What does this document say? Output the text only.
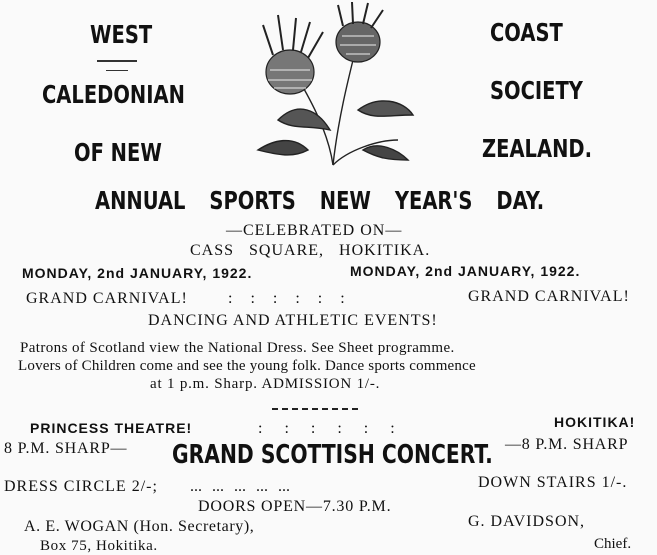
WEST
CALEDONIAN
OF NEW
COAST
SOCIETY
ZEALAND.
ANNUAL SPORTS NEW YEAR'S DAY.
—CELEBRATED ON—
CASS SQUARE, HOKITIKA.
MONDAY, 2nd JANUARY, 1922.	MONDAY, 2nd JANUARY, 1922.
GRAND CARNIVAL!	: : : : : :	GRAND CARNIVAL!
DANCING AND ATHLETIC EVENTS!
Patrons of Scotland view the National Dress. See Sheet programme.
Lovers of Children come and see the young folk. Dance sports commence
at 1 p.m. Sharp. ADMISSION 1/-.
PRINCESS THEATRE!	: : : : : :	HOKITIKA!
8 P.M. SHARP— GRAND SCOTTISH CONCERT. —8 P.M. SHARP
DRESS CIRCLE 2/-; ... ... ... ... ...	DOWN STAIRS 1/-.
DOORS OPEN—7.30 P.M.
A. E. WOGAN (Hon. Secretary),
Box 75, Hokitika.
G. DAVIDSON,
Chief.
